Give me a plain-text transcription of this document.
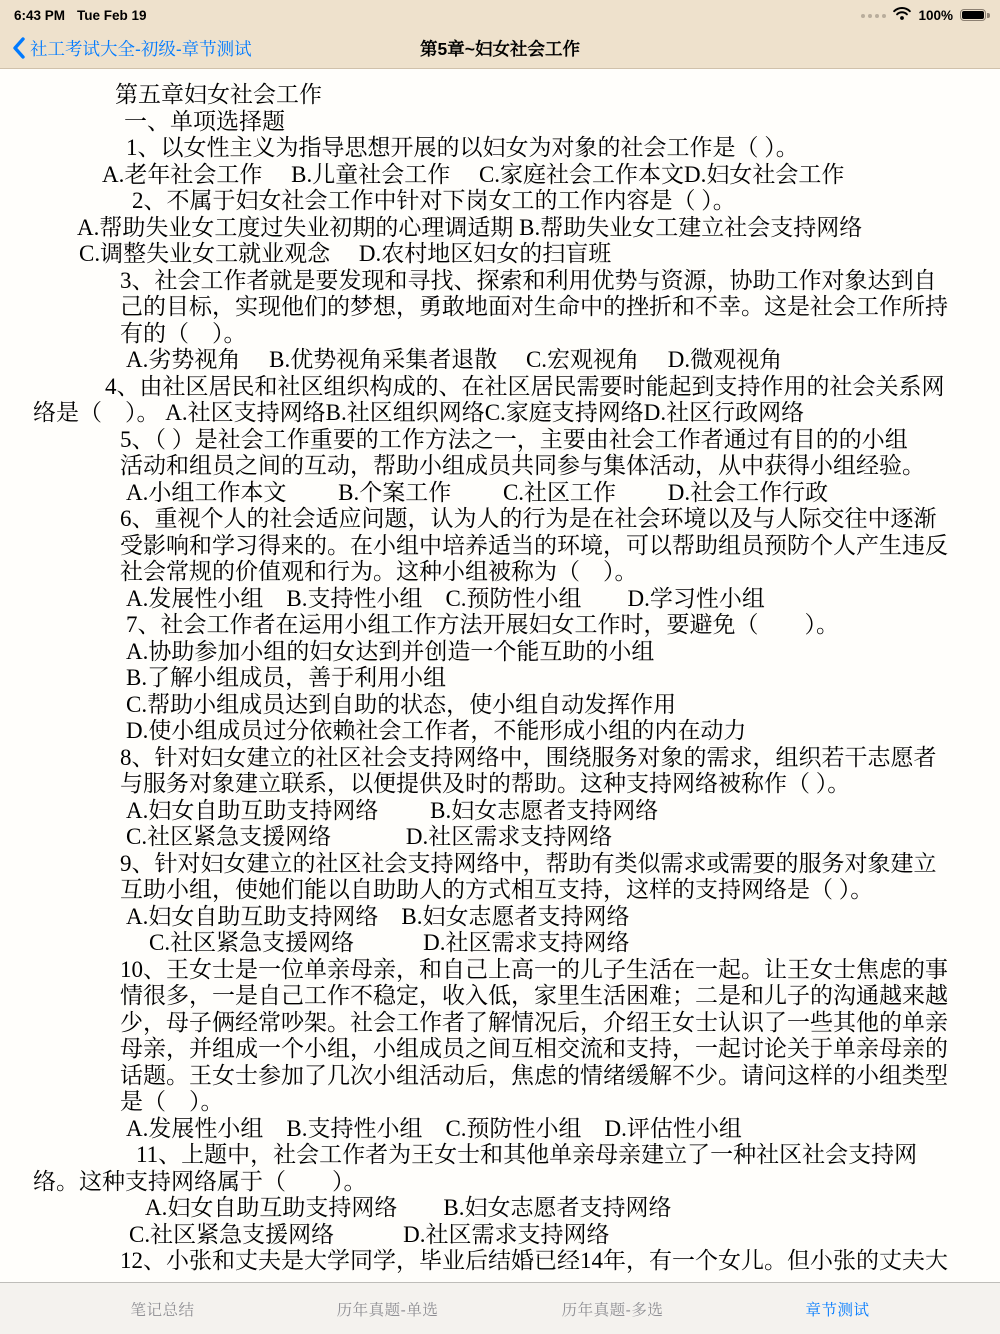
6:43 PM Tue Feb 19	100%
社工考试大全-初级-章节测试	第5章~妇女社会工作
第五章妇女社会工作
一、单项选择题
1、以女性主义为指导思想开展的以妇女为对象的社会工作是（ ）。
A.老年社会工作　 B.儿童社会工作　 C.家庭社会工作本文D.妇女社会工作
2、不属于妇女社会工作中针对下岗女工的工作内容是（ ）。
A.帮助失业女工度过失业初期的心理调适期 B.帮助失业女工建立社会支持网络
C.调整失业女工就业观念　 D.农村地区妇女的扫盲班
3、社会工作者就是要发现和寻找、探索和利用优势与资源，协助工作对象达到自
己的目标，实现他们的梦想，勇敢地面对生命中的挫折和不幸。这是社会工作所持
有的（　）。
A.劣势视角　 B.优势视角采集者退散　 C.宏观视角　 D.微观视角
4、由社区居民和社区组织构成的、在社区居民需要时能起到支持作用的社会关系网
络是（　）。 A.社区支持网络B.社区组织网络C.家庭支持网络D.社区行政网络
5、（ ）是社会工作重要的工作方法之一，主要由社会工作者通过有目的的小组
活动和组员之间的互动，帮助小组成员共同参与集体活动，从中获得小组经验。
A.小组工作本文　　 B.个案工作　　 C.社区工作　　 D.社会工作行政
6、重视个人的社会适应问题，认为人的行为是在社会环境以及与人际交往中逐渐
受影响和学习得来的。在小组中培养适当的环境，可以帮助组员预防个人产生违反
社会常规的价值观和行为。这种小组被称为（　）。
A.发展性小组　B.支持性小组　C.预防性小组　　D.学习性小组
7、社会工作者在运用小组工作方法开展妇女工作时，要避免（　　）。
A.协助参加小组的妇女达到并创造一个能互助的小组
B.了解小组成员，善于利用小组
C.帮助小组成员达到自助的状态，使小组自动发挥作用
D.使小组成员过分依赖社会工作者，不能形成小组的内在动力
8、针对妇女建立的社区社会支持网络中，围绕服务对象的需求，组织若干志愿者
与服务对象建立联系，以便提供及时的帮助。这种支持网络被称作（ ）。
A.妇女自助互助支持网络　　 B.妇女志愿者支持网络
C.社区紧急支援网络　　　 D.社区需求支持网络
9、针对妇女建立的社区社会支持网络中，帮助有类似需求或需要的服务对象建立
互助小组，使她们能以自助助人的方式相互支持，这样的支持网络是（ ）。
A.妇女自助互助支持网络　B.妇女志愿者支持网络
C.社区紧急支援网络　　　D.社区需求支持网络
10、王女士是一位单亲母亲，和自己上高一的儿子生活在一起。让王女士焦虑的事
情很多，一是自己工作不稳定，收入低，家里生活困难；二是和儿子的沟通越来越
少，母子俩经常吵架。社会工作者了解情况后，介绍王女士认识了一些其他的单亲
母亲，并组成一个小组，小组成员之间互相交流和支持，一起讨论关于单亲母亲的
话题。王女士参加了几次小组活动后，焦虑的情绪缓解不少。请问这样的小组类型
是（　）。
A.发展性小组　B.支持性小组　C.预防性小组　D.评估性小组
11、上题中，社会工作者为王女士和其他单亲母亲建立了一种社区社会支持网
络。这种支持网络属于（　　）。
A.妇女自助互助支持网络　　B.妇女志愿者支持网络
C.社区紧急支援网络　　　D.社区需求支持网络
12、小张和丈夫是大学同学，毕业后结婚已经14年，有一个女儿。但小张的丈夫大
笔记总结	历年真题-单选	历年真题-多选	章节测试
